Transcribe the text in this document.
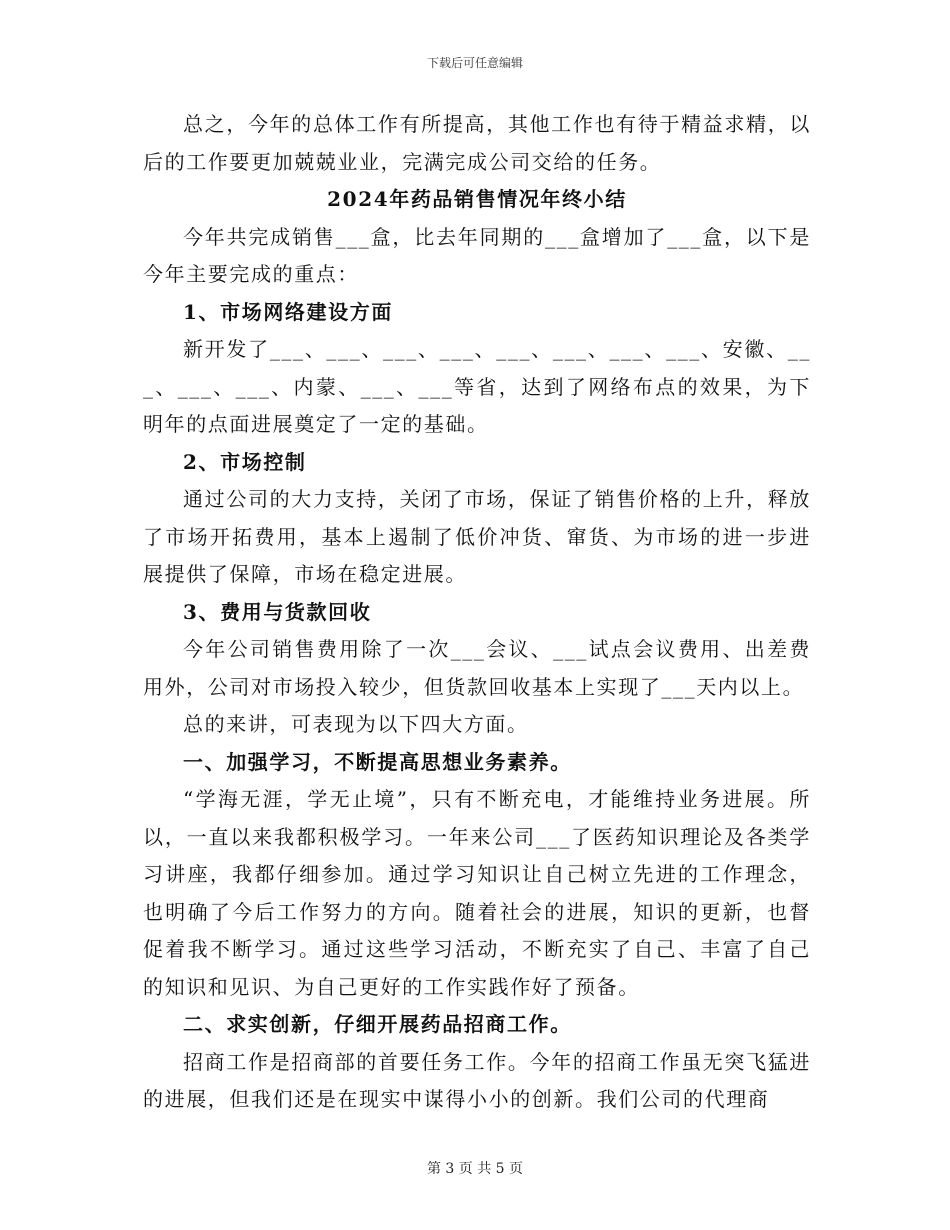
下载后可任意编辑

总之，今年的总体工作有所提高，其他工作也有待于精益求精，以后的工作要更加兢兢业业，完满完成公司交给的任务。

2024年药品销售情况年终小结

今年共完成销售___盒，比去年同期的___盒增加了___盒，以下是今年主要完成的重点：

1、市场网络建设方面

新开发了___、___、___、___、___、___、___、___、安徽、___、___、___、内蒙、___、___等省，达到了网络布点的效果，为下明年的点面进展奠定了一定的基础。

2、市场控制

通过公司的大力支持，关闭了市场，保证了销售价格的上升，释放了市场开拓费用，基本上遏制了低价冲货、窜货、为市场的进一步进展提供了保障，市场在稳定进展。

3、费用与货款回收

今年公司销售费用除了一次___会议、___试点会议费用、出差费用外，公司对市场投入较少，但货款回收基本上实现了___天内以上。

总的来讲，可表现为以下四大方面。

一、加强学习，不断提高思想业务素养。

“学海无涯，学无止境”，只有不断充电，才能维持业务进展。所以，一直以来我都积极学习。一年来公司___了医药知识理论及各类学习讲座，我都仔细参加。通过学习知识让自己树立先进的工作理念，也明确了今后工作努力的方向。随着社会的进展，知识的更新，也督促着我不断学习。通过这些学习活动，不断充实了自己、丰富了自己的知识和见识、为自己更好的工作实践作好了预备。

二、求实创新，仔细开展药品招商工作。

招商工作是招商部的首要任务工作。今年的招商工作虽无突飞猛进的进展，但我们还是在现实中谋得小小的创新。我们公司的代理商

第 3 页 共 5 页
